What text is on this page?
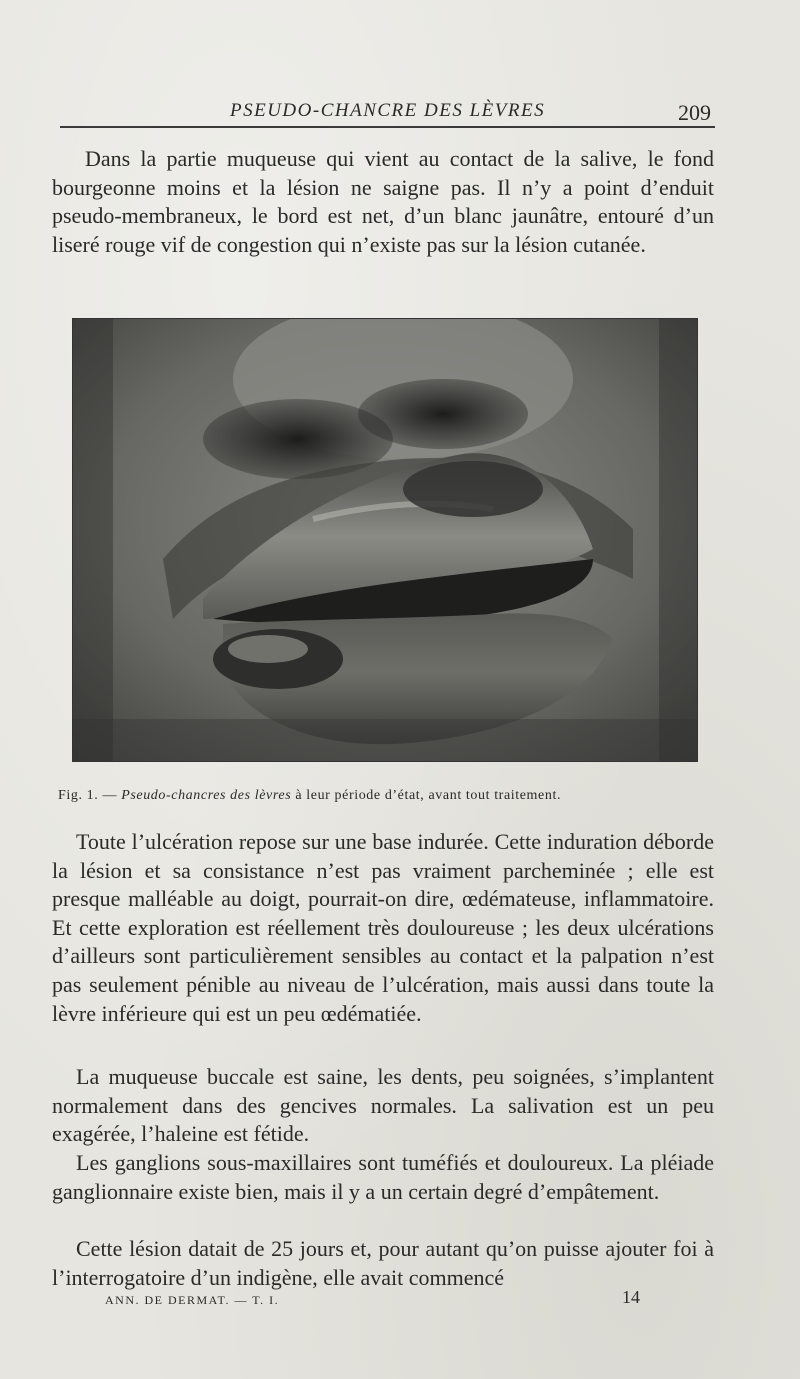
PSEUDO-CHANCRE DES LÈVRES	209

Dans la partie muqueuse qui vient au contact de la salive, le fond bourgeonne moins et la lésion ne saigne pas. Il n’y a point d’enduit pseudo-membraneux, le bord est net, d’un blanc jaunâtre, entouré d’un liseré rouge vif de congestion qui n’existe pas sur la lésion cutanée.

Fig. 1. — Pseudo-chancres des lèvres à leur période d’état, avant tout traitement.

Toute l’ulcération repose sur une base indurée. Cette induration déborde la lésion et sa consistance n’est pas vraiment parcheminée ; elle est presque malléable au doigt, pourrait-on dire, œdémateuse, inflammatoire. Et cette exploration est réellement très douloureuse ; les deux ulcérations d’ailleurs sont particulièrement sensibles au contact et la palpation n’est pas seulement pénible au niveau de l’ulcération, mais aussi dans toute la lèvre inférieure qui est un peu œdématiée.

La muqueuse buccale est saine, les dents, peu soignées, s’implantent normalement dans des gencives normales. La salivation est un peu exagérée, l’haleine est fétide.

Les ganglions sous-maxillaires sont tuméfiés et douloureux. La pléiade ganglionnaire existe bien, mais il y a un certain degré d’empâtement.

Cette lésion datait de 25 jours et, pour autant qu’on puisse ajouter foi à l’interrogatoire d’un indigène, elle avait commencé

ANN. DE DERMAT. — T. I.	14
